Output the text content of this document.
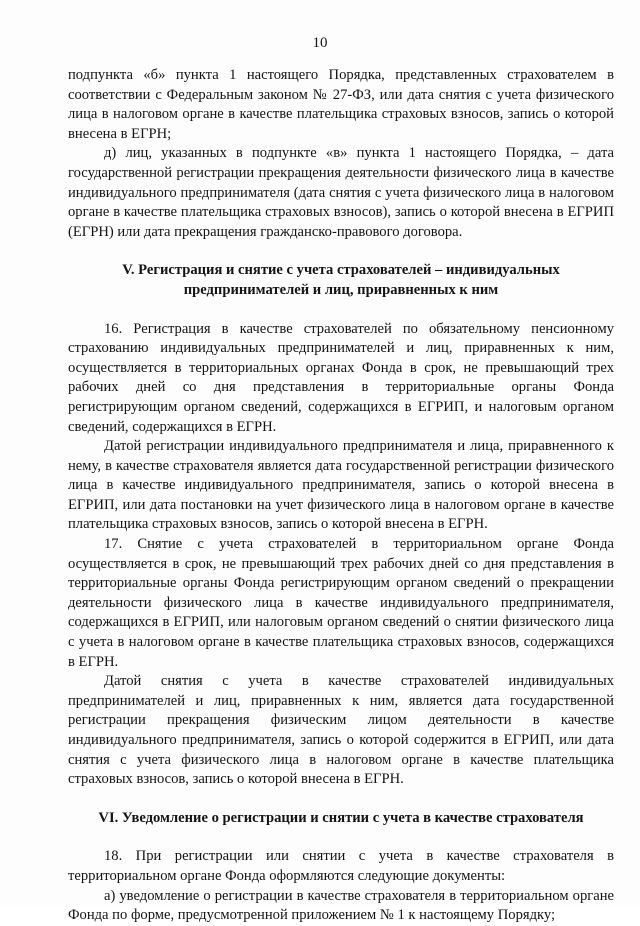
10

подпункта «б» пункта 1 настоящего Порядка, представленных страхователем в соответствии с Федеральным законом № 27-ФЗ, или дата снятия с учета физического лица в налоговом органе в качестве плательщика страховых взносов, запись о которой внесена в ЕГРН;

д) лиц, указанных в подпункте «в» пункта 1 настоящего Порядка, – дата государственной регистрации прекращения деятельности физического лица в качестве индивидуального предпринимателя (дата снятия с учета физического лица в налоговом органе в качестве плательщика страховых взносов), запись о которой внесена в ЕГРИП (ЕГРН) или дата прекращения гражданско-правового договора.

V. Регистрация и снятие с учета страхователей – индивидуальных
предпринимателей и лиц, приравненных к ним

16. Регистрация в качестве страхователей по обязательному пенсионному страхованию индивидуальных предпринимателей и лиц, приравненных к ним, осуществляется в территориальных органах Фонда в срок, не превышающий трех рабочих дней со дня представления в территориальные органы Фонда регистрирующим органом сведений, содержащихся в ЕГРИП, и налоговым органом сведений, содержащихся в ЕГРН.

Датой регистрации индивидуального предпринимателя и лица, приравненного к нему, в качестве страхователя является дата государственной регистрации физического лица в качестве индивидуального предпринимателя, запись о которой внесена в ЕГРИП, или дата постановки на учет физического лица в налоговом органе в качестве плательщика страховых взносов, запись о которой внесена в ЕГРН.

17. Снятие с учета страхователей в территориальном органе Фонда осуществляется в срок, не превышающий трех рабочих дней со дня представления в территориальные органы Фонда регистрирующим органом сведений о прекращении деятельности физического лица в качестве индивидуального предпринимателя, содержащихся в ЕГРИП, или налоговым органом сведений о снятии физического лица с учета в налоговом органе в качестве плательщика страховых взносов, содержащихся в ЕГРН.

Датой снятия с учета в качестве страхователей индивидуальных предпринимателей и лиц, приравненных к ним, является дата государственной регистрации прекращения физическим лицом деятельности в качестве индивидуального предпринимателя, запись о которой содержится в ЕГРИП, или дата снятия с учета физического лица в налоговом органе в качестве плательщика страховых взносов, запись о которой внесена в ЕГРН.

VI. Уведомление о регистрации и снятии с учета в качестве страхователя

18. При регистрации или снятии с учета в качестве страхователя в территориальном органе Фонда оформляются следующие документы:

а) уведомление о регистрации в качестве страхователя в территориальном органе Фонда по форме, предусмотренной приложением № 1 к настоящему Порядку;
